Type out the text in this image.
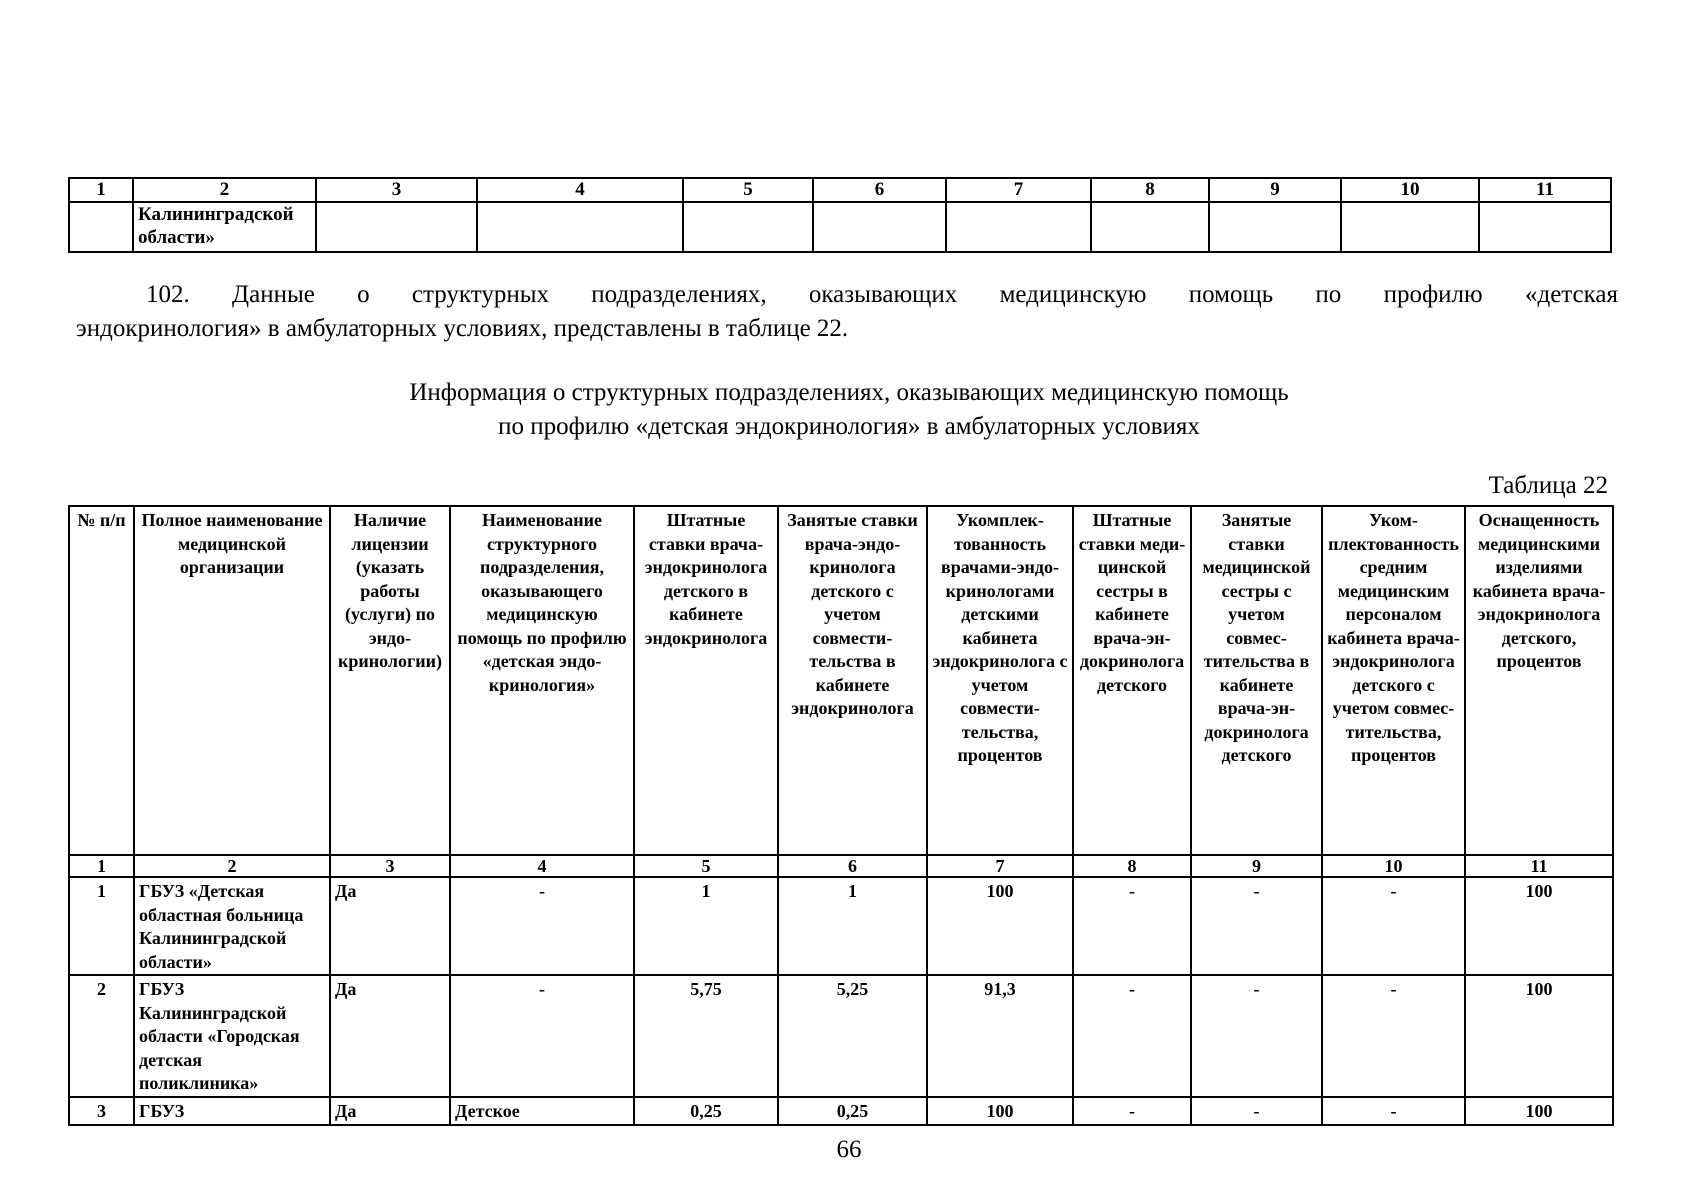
1	2	3	4	5	6	7	8	9	10	11
	Калининградской
области»									
102. Данные о структурных подразделениях, оказывающих медицинскую помощь по профилю «детская
эндокринология» в амбулаторных условиях, представлены в таблице 22.
Информация о структурных подразделениях, оказывающих медицинскую помощь
по профилю «детская эндокринология» в амбулаторных условиях
Таблица 22
№ п/п	Полное наименование медицинской организации	Наличие лицензии (указать работы (услуги) по эндокринологии)	Наименование структурного подразделения, оказывающего медицинскую помощь по профилю «детская эндокринология»	Штатные ставки врача-эндокринолога детского в кабинете эндокринолога	Занятые ставки врача-эндокринолога детского с учетом совместительства в кабинете эндокринолога	Укомплектованность врачами-эндокринологами детскими кабинета эндокринолога с учетом совместительства, процентов	Штатные ставки медицинской сестры в кабинете врача-эндокринолога детского	Занятые ставки медицинской сестры с учетом совместительства в кабинете врача-эндокринолога детского	Укомплектованность средним медицинским персоналом кабинета врача-эндокринолога детского с учетом совместительства, процентов	Оснащенность медицинскими изделиями кабинета врача-эндокринолога детского, процентов
1	2	3	4	5	6	7	8	9	10	11
1	ГБУЗ «Детская областная больница Калининградской области»	Да	-	1	1	100	-	-	-	100
2	ГБУЗ Калининградской области «Городская детская поликлиника»	Да	-	5,75	5,25	91,3	-	-	-	100
3	ГБУЗ	Да	Детское	0,25	0,25	100	-	-	-	100
66
